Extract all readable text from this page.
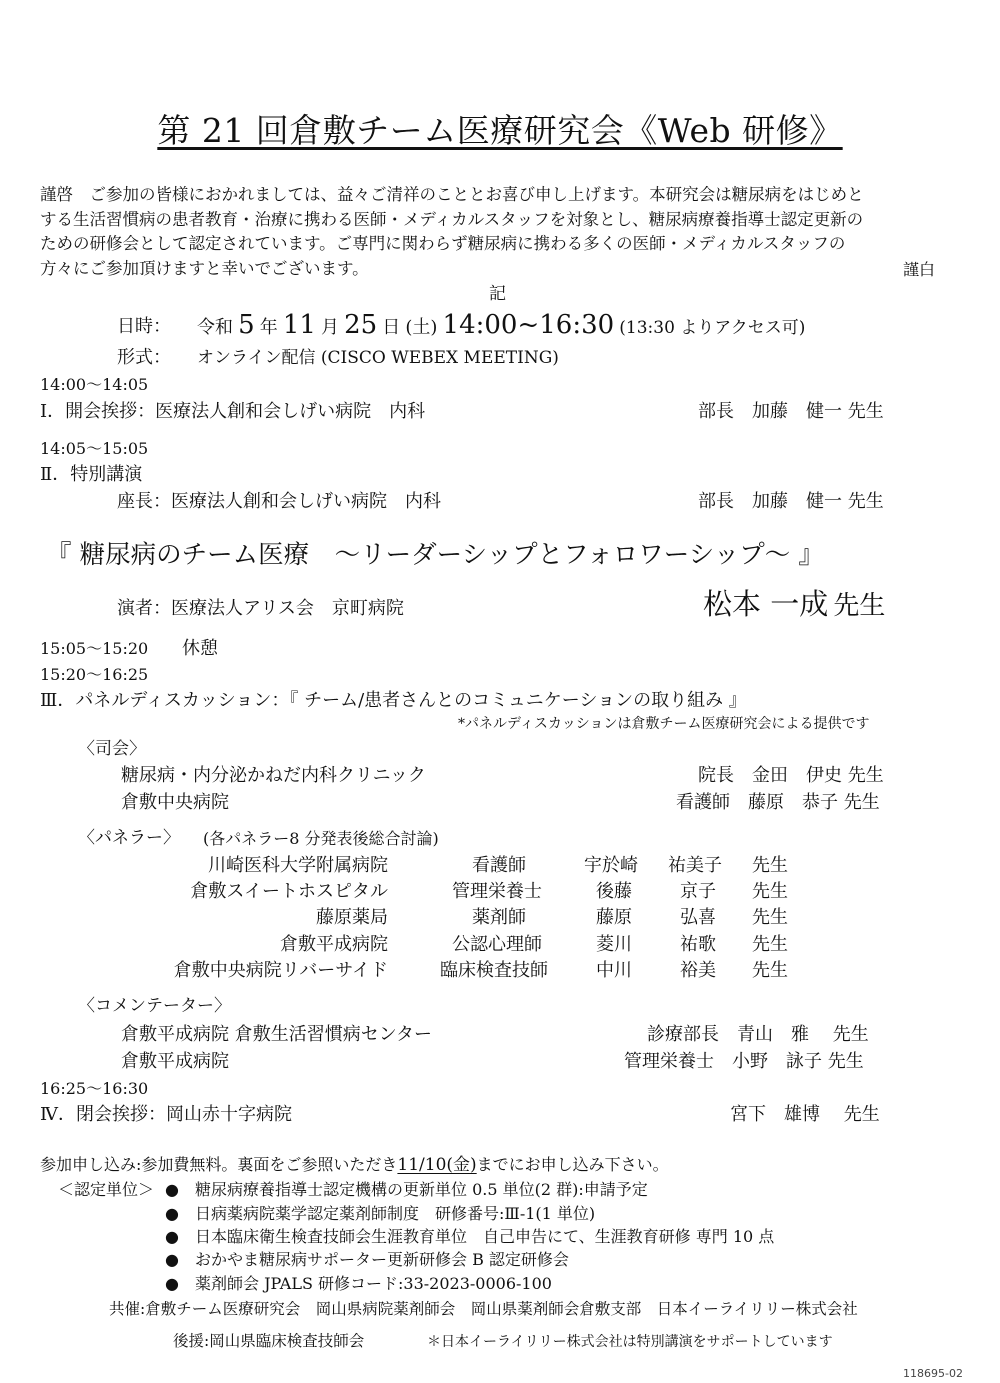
第 21 回倉敷チーム医療研究会《Web 研修》

謹啓　ご参加の皆様におかれましては、益々ご清祥のこととお喜び申し上げます。本研究会は糖尿病をはじめと

する生活習慣病の患者教育・治療に携わる医師・メディカルスタッフを対象とし、糖尿病療養指導士認定更新の

ための研修会として認定されています。ご専門に関わらず糖尿病に携わる多くの医師・メディカルスタッフの

方々にご参加頂けますと幸いでございます。	謹白
記
日時： 令和 5 年 11 月 25 日 (土) 14:00~16:30 (13:30 よりアクセス可)
形式： オンライン配信 (CISCO WEBEX MEETING)
14:00～14:05
Ⅰ．開会挨拶：医療法人創和会しげい病院　内科	部長　加藤　健一 先生
14:05～15:05
Ⅱ．特別講演
座長：医療法人創和会しげい病院　内科	部長　加藤　健一 先生
『 糖尿病のチーム医療　～リーダーシップとフォロワーシップ～ 』
演者：医療法人アリス会　京町病院	松本 一成 先生
15:05～15:20 休憩
15:20～16:25
Ⅲ．パネルディスカッション：『 チーム/患者さんとのコミュニケーションの取り組み 』
*パネルディスカッションは倉敷チーム医療研究会による提供です
〈司会〉
糖尿病・内分泌かねだ内科クリニック	院長　金田　伊史 先生
倉敷中央病院	看護師　藤原　恭子 先生
〈パネラー〉 (各パネラー8 分発表後総合討論)
川崎医科大学附属病院	看護師	宇於崎 祐美子 先生
倉敷スイートホスピタル	管理栄養士	後藤	京子 先生
藤原薬局	薬剤師	藤原	弘喜 先生
倉敷平成病院	公認心理師	菱川	祐歌 先生
倉敷中央病院リバーサイド	臨床検査技師	中川	裕美 先生
〈コメンテーター〉
倉敷平成病院 倉敷生活習慣病センター	診療部長　青山　雅　 先生
倉敷平成病院	管理栄養士　小野　詠子 先生
16:25～16:30
Ⅳ．閉会挨拶：岡山赤十字病院	宮下　雄博　 先生
参加申し込み:参加費無料。裏面をご参照いただき11/10(金)までにお申し込み下さい。
＜認定単位＞ ● 糖尿病療養指導士認定機構の更新単位 0.5 単位(2 群):申請予定
● 日病薬病院薬学認定薬剤師制度　研修番号:Ⅲ-1(1 単位)
● 日本臨床衛生検査技師会生涯教育単位　自己申告にて、生涯教育研修 専門 10 点
● おかやま糖尿病サポーター更新研修会 B 認定研修会
● 薬剤師会 JPALS 研修コード:33-2023-0006-100
共催:倉敷チーム医療研究会　岡山県病院薬剤師会　岡山県薬剤師会倉敷支部　日本イーライリリー株式会社
後援:岡山県臨床検査技師会	＊日本イーライリリー株式会社は特別講演をサポートしています
118695-02
